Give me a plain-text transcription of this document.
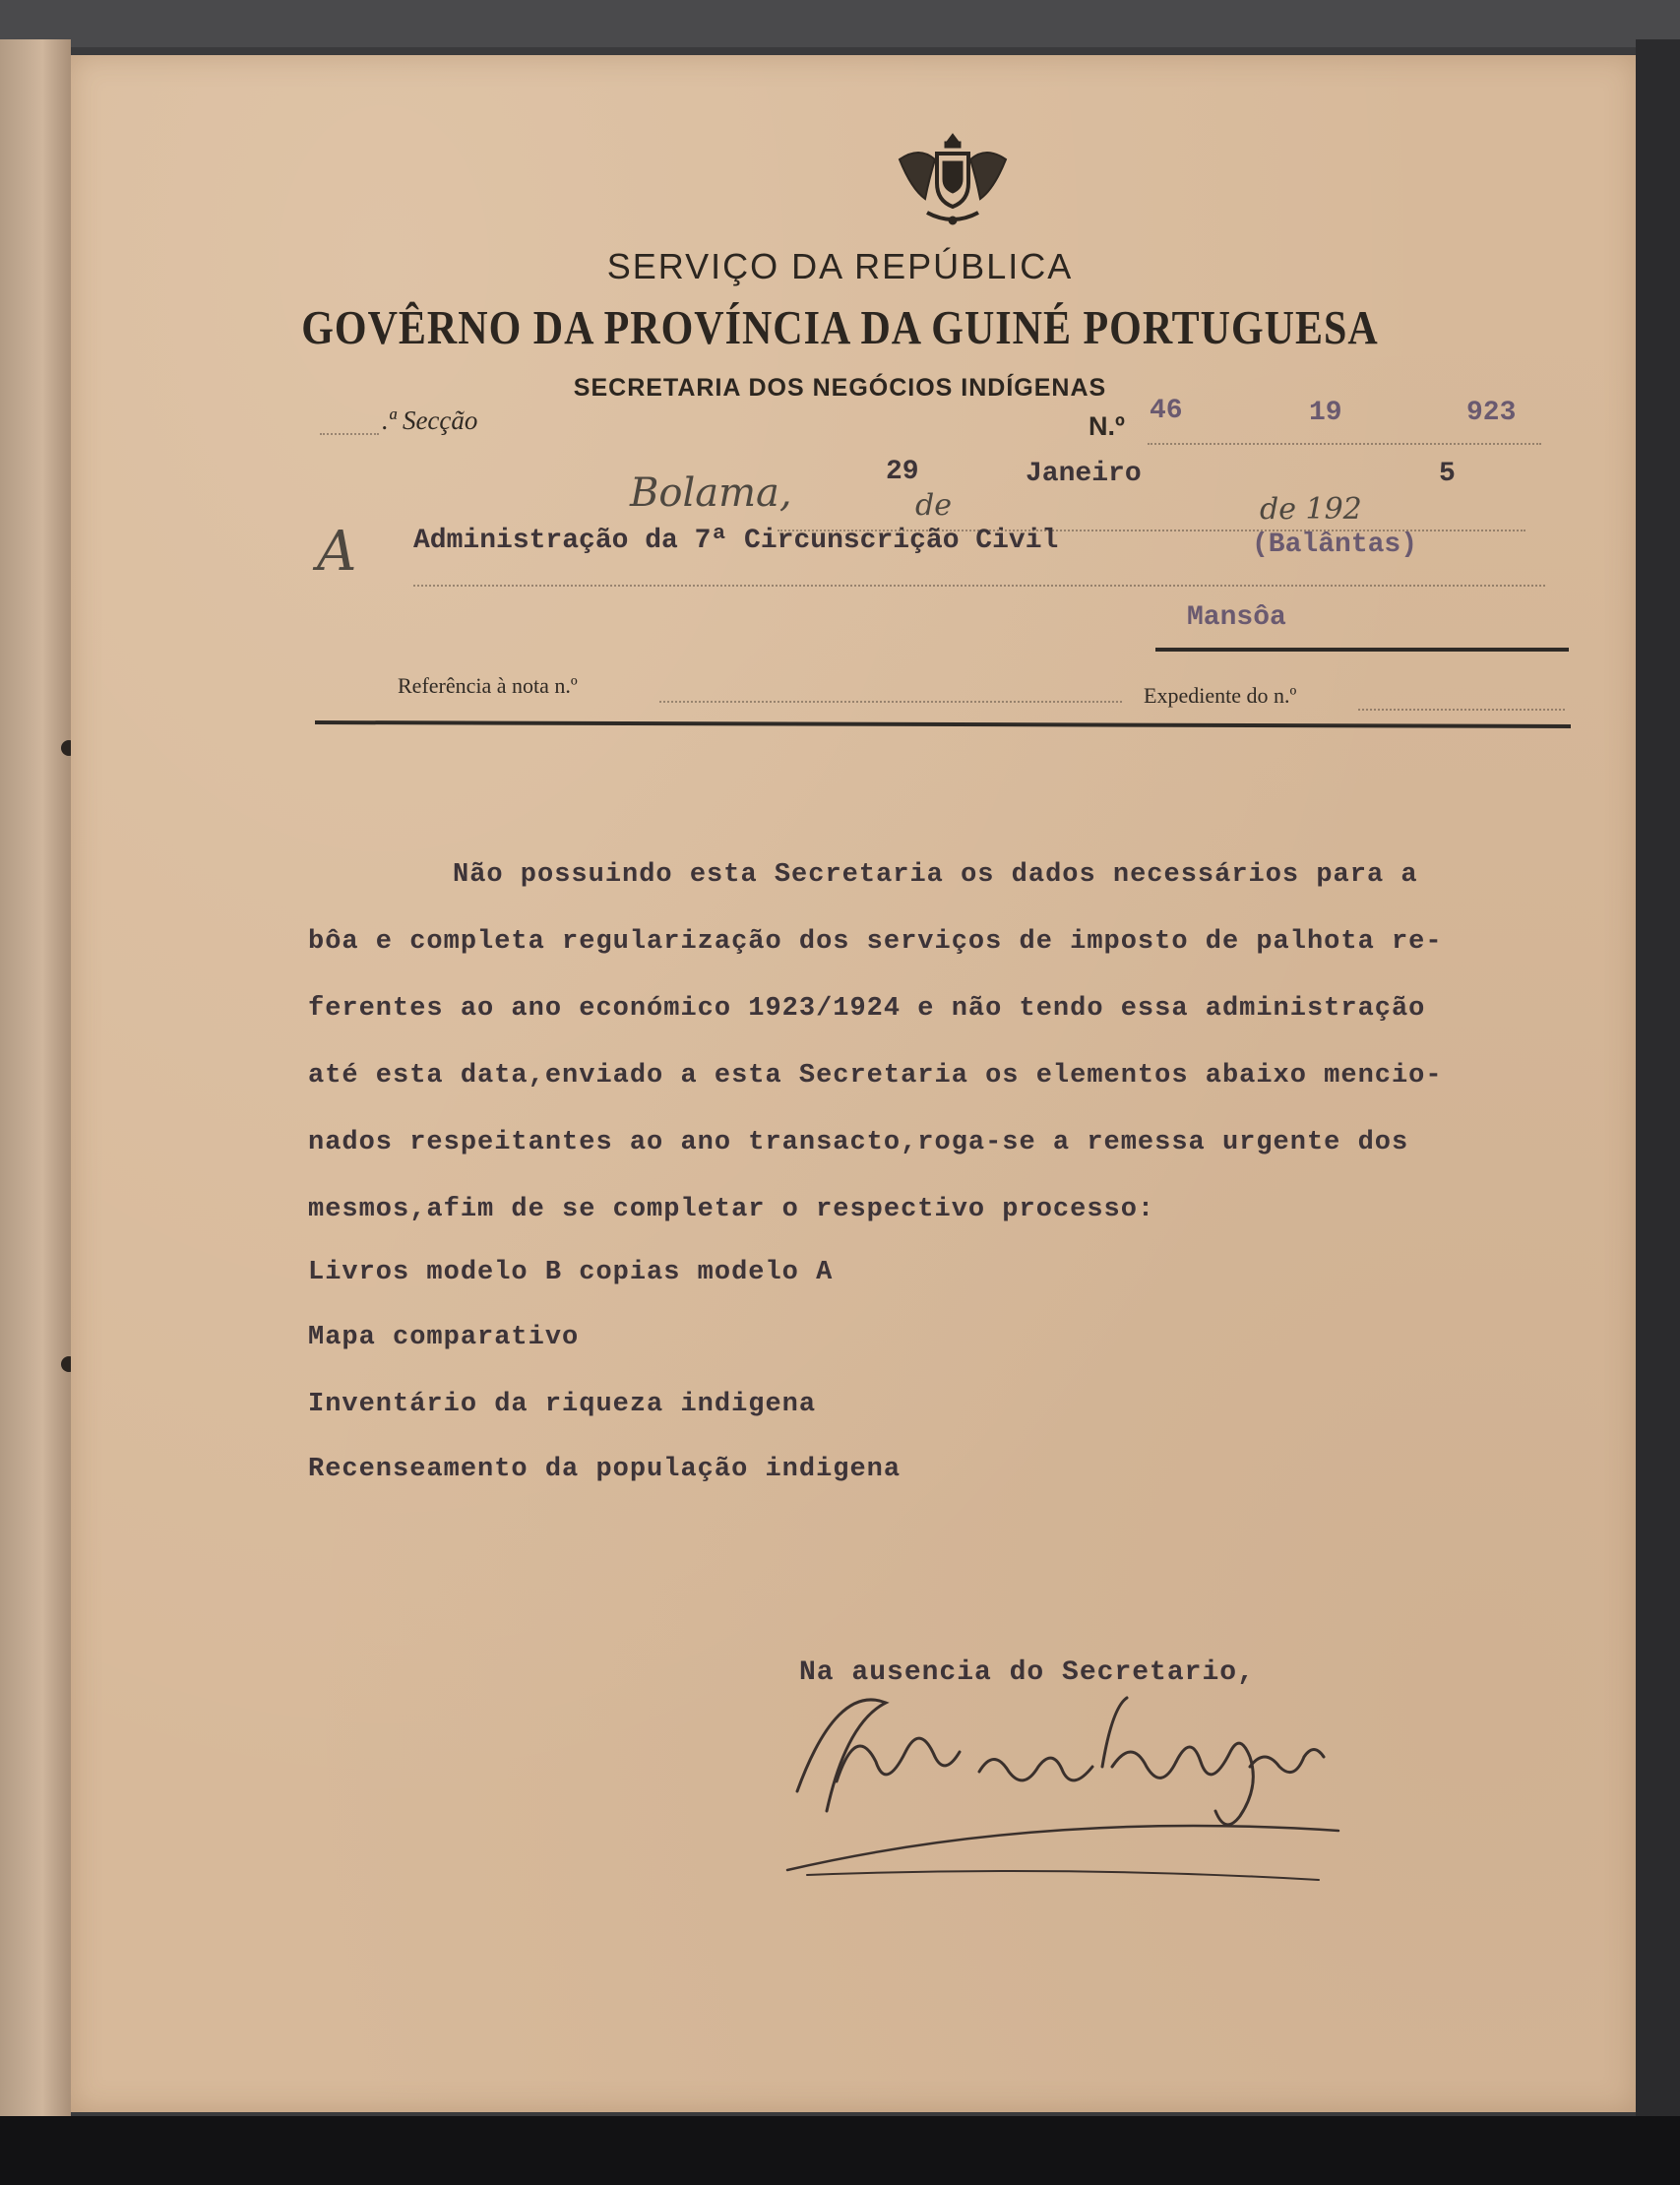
SERVIÇO DA REPÚBLICA
GOVÊRNO DA PROVÍNCIA DA GUINÉ PORTUGUESA
SECRETARIA DOS NEGÓCIOS INDÍGENAS
.ª Secção	N.º 46	19	923
29	Janeiro	5
Bolama,	de	de 192
A Administração da 7ª Circunscrição Civil	(Balântas)
Mansôa
Referência à nota n.º	Expediente do n.º
Não possuindo esta Secretaria os dados necessários para a
bôa e completa regularização dos serviços de imposto de palhota re-
ferentes ao ano económico 1923/1924 e não tendo essa administração
até esta data,enviado a esta Secretaria os elementos abaixo mencio-
nados respeitantes ao ano transacto,roga-se a remessa urgente dos
mesmos,afim de se completar o respectivo processo:
Livros modelo B copias modelo A
Mapa comparativo
Inventário da riqueza indigena
Recenseamento da população indigena
Na ausencia do Secretario,
